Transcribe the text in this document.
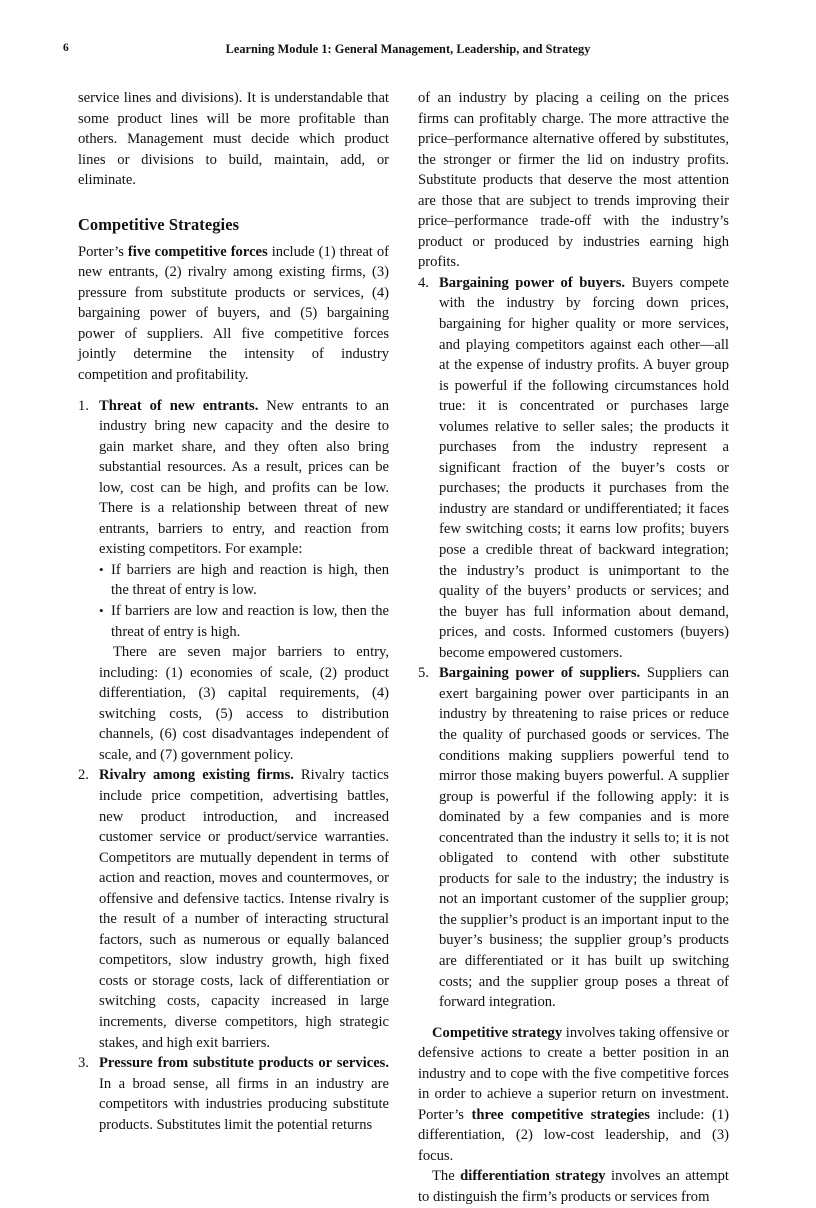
6	Learning Module 1: General Management, Leadership, and Strategy

service lines and divisions). It is understandable that some product lines will be more profitable than others. Management must decide which product lines or divisions to build, maintain, add, or eliminate.

Competitive Strategies

Porter’s five competitive forces include (1) threat of new entrants, (2) rivalry among existing firms, (3) pressure from substitute products or services, (4) bargaining power of buyers, and (5) bargaining power of suppliers. All five competitive forces jointly determine the intensity of industry competition and profitability.

1. Threat of new entrants. New entrants to an industry bring new capacity and the desire to gain market share, and they often also bring substantial resources. As a result, prices can be low, cost can be high, and profits can be low. There is a relationship between threat of new entrants, barriers to entry, and reaction from existing competitors. For example:

• If barriers are high and reaction is high, then the threat of entry is low.
• If barriers are low and reaction is low, then the threat of entry is high.

There are seven major barriers to entry, including: (1) economies of scale, (2) product differentiation, (3) capital requirements, (4) switching costs, (5) access to distribution channels, (6) cost disadvantages independent of scale, and (7) government policy.

2. Rivalry among existing firms. Rivalry tactics include price competition, advertising battles, new product introduction, and increased customer service or product/service warranties. Competitors are mutually dependent in terms of action and reaction, moves and countermoves, or offensive and defensive tactics. Intense rivalry is the result of a number of interacting structural factors, such as numerous or equally balanced competitors, slow industry growth, high fixed costs or storage costs, lack of differentiation or switching costs, capacity increased in large increments, diverse competitors, high strategic stakes, and high exit barriers.

3. Pressure from substitute products or services. In a broad sense, all firms in an industry are competitors with industries producing substitute products. Substitutes limit the potential returns

of an industry by placing a ceiling on the prices firms can profitably charge. The more attractive the price–performance alternative offered by substitutes, the stronger or firmer the lid on industry profits. Substitute products that deserve the most attention are those that are subject to trends improving their price–performance trade-off with the industry’s product or produced by industries earning high profits.

4. Bargaining power of buyers. Buyers compete with the industry by forcing down prices, bargaining for higher quality or more services, and playing competitors against each other—all at the expense of industry profits. A buyer group is powerful if the following circumstances hold true: it is concentrated or purchases large volumes relative to seller sales; the products it purchases from the industry represent a significant fraction of the buyer’s costs or purchases; the products it purchases from the industry are standard or undifferentiated; it faces few switching costs; it earns low profits; buyers pose a credible threat of backward integration; the industry’s product is unimportant to the quality of the buyers’ products or services; and the buyer has full information about demand, prices, and costs. Informed customers (buyers) become empowered customers.

5. Bargaining power of suppliers. Suppliers can exert bargaining power over participants in an industry by threatening to raise prices or reduce the quality of purchased goods or services. The conditions making suppliers powerful tend to mirror those making buyers powerful. A supplier group is powerful if the following apply: it is dominated by a few companies and is more concentrated than the industry it sells to; it is not obligated to contend with other substitute products for sale to the industry; the industry is not an important customer of the supplier group; the supplier’s product is an important input to the buyer’s business; the supplier group’s products are differentiated or it has built up switching costs; and the supplier group poses a threat of forward integration.

Competitive strategy involves taking offensive or defensive actions to create a better position in an industry and to cope with the five competitive forces in order to achieve a superior return on investment. Porter’s three competitive strategies include: (1) differentiation, (2) low-cost leadership, and (3) focus.

The differentiation strategy involves an attempt to distinguish the firm’s products or services from
